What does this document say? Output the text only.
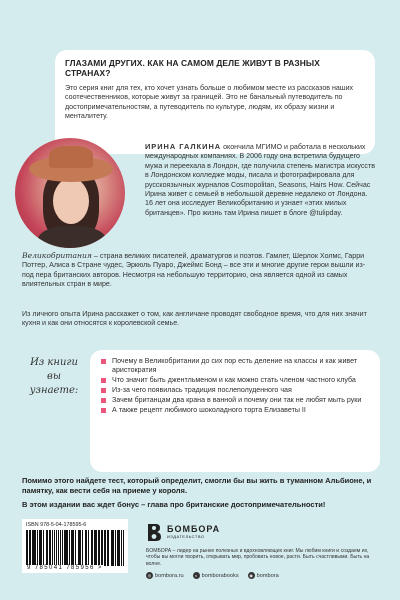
ГЛАЗАМИ ДРУГИХ. КАК НА САМОМ ДЕЛЕ ЖИВУТ В РАЗНЫХ СТРАНАХ?
Это серия книг для тех, кто хочет узнать больше о любимом месте из рассказов наших соотечественников, которые живут за границей. Это не банальный путеводитель по достопримечательностям, а путеводитель по культуре, людям, их образу жизни и менталитету.
ИРИНА ГАЛКИНА окончила МГИМО и работала в нескольких международных компаниях. В 2006 году она встретила будущего мужа и переехала в Лондон, где получила степень магистра искусств в Лондонском колледже моды, писала и фотографировала для русскоязычных журналов Cosmopolitan, Seasons, Hairs How. Сейчас Ирина живет с семьей в небольшой деревне недалеко от Лондона. 16 лет она исследует Великобританию и узнает «этих милых британцев». Про жизнь там Ирина пишет в блоге @tulipday.
Великобритания – страна великих писателей, драматургов и поэтов. Гамлет, Шерлок Холмс, Гарри Поттер, Алиса в Стране чудес, Эркюль Пуаро, Джеймс Бонд – все эти и многие другие герои вышли из-под пера британских авторов. Несмотря на небольшую территорию, она является одной из самых влиятельных стран в мире.
Из личного опыта Ирина расскажет о том, как англичане проводят свободное время, что для них значит кухня и как они относятся к королевской семье.
Из книги вы узнаете:
Почему в Великобритании до сих пор есть деление на классы и как живет аристократия
Что значит быть джентльменом и как можно стать членом частного клуба
Из-за чего появилась традиция послеполуденного чая
Зачем британцам два крана в ванной и почему они так не любят мыть руки
А также рецепт любимого шоколадного торта Елизаветы II

Помимо этого найдете тест, который определит, смогли бы вы жить в туманном Альбионе, и памятку, как вести себя на приеме у короля.

В этом издании вас ждет бонус – глава про британские достопримечательности!

ISBN 978-5-04-178595-6
9 785041 785956 >
БОМБОРА
ИЗДАТЕЛЬСТВО
БОМБОРА – лидер на рынке полезных и вдохновляющих книг. Мы любим книги и создаем их, чтобы вы могли творить, открывать мир, пробовать новое, расти. Быть счастливыми. Быть на волне.
◎ bombora.ru	v bomborabooks	◉ bombora
